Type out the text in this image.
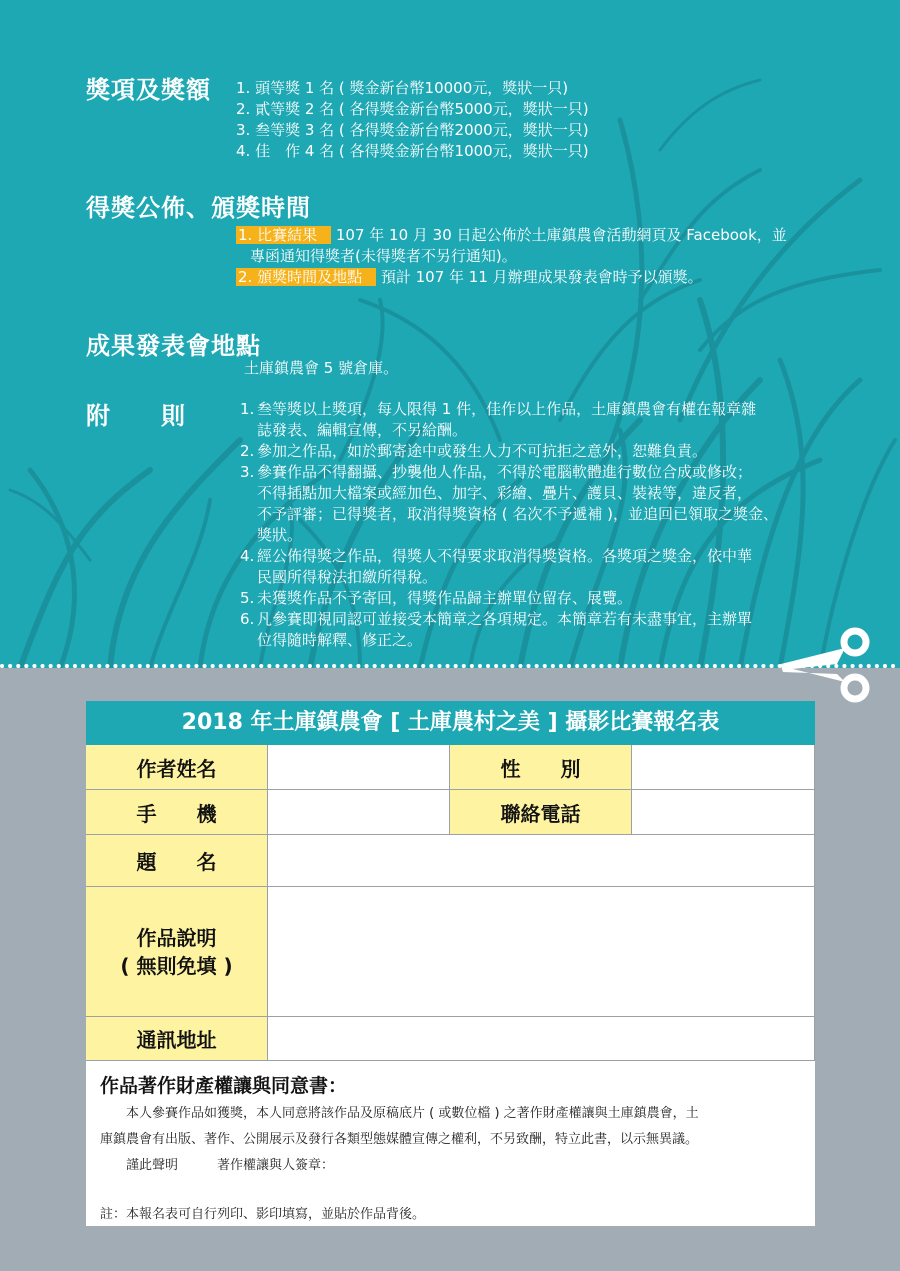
獎項及獎額 1. 頭等獎 1 名 ( 獎金新台幣10000元，獎狀一只)
2. 貳等獎 2 名 ( 各得獎金新台幣5000元，獎狀一只)
3. 叁等獎 3 名 ( 各得獎金新台幣2000元，獎狀一只)
4. 佳　作 4 名 ( 各得獎金新台幣1000元，獎狀一只)
得獎公佈、頒獎時間
1. 比賽結果 107 年 10 月 30 日起公佈於土庫鎮農會活動網頁及 Facebook，並
專函通知得獎者(未得獎者不另行通知)。
2. 頒獎時間及地點 預計 107 年 11 月辦理成果發表會時予以頒獎。
成果發表會地點
土庫鎮農會 5 號倉庫。
附　　則	1. 叁等獎以上獎項，每人限得 1 件，佳作以上作品，土庫鎮農會有權在報章雜
誌發表、編輯宣傳，不另給酬。
2. 參加之作品，如於郵寄途中或發生人力不可抗拒之意外，恕難負責。
3. 參賽作品不得翻攝、抄襲他人作品，不得於電腦軟體進行數位合成或修改；
不得插點加大檔案或經加色、加字、彩繪、疊片、護貝、裝裱等，違反者，
不予評審；已得獎者，取消得獎資格 ( 名次不予遞補 )，並追回已領取之獎金、
獎狀。
4. 經公佈得獎之作品，得獎人不得要求取消得獎資格。各獎項之獎金，依中華
民國所得稅法扣繳所得稅。
5. 未獲獎作品不予寄回，得獎作品歸主辦單位留存、展覽。
6. 凡參賽即視同認可並接受本簡章之各項規定。本簡章若有未盡事宜，主辦單
位得隨時解釋、修正之。
2018 年土庫鎮農會 [ 土庫農村之美 ] 攝影比賽報名表
作者姓名	性　　別
手　　機	聯絡電話
題　　名
作品說明
( 無則免填 )
通訊地址
作品著作財產權讓與同意書：
　　本人參賽作品如獲獎，本人同意將該作品及原稿底片 ( 或數位檔 ) 之著作財產權讓與土庫鎮農會，土
庫鎮農會有出版、著作、公開展示及發行各類型態媒體宣傳之權利，不另致酬，特立此書，以示無異議。
　　謹此聲明　　　著作權讓與人簽章：
註：本報名表可自行列印、影印填寫，並貼於作品背後。
